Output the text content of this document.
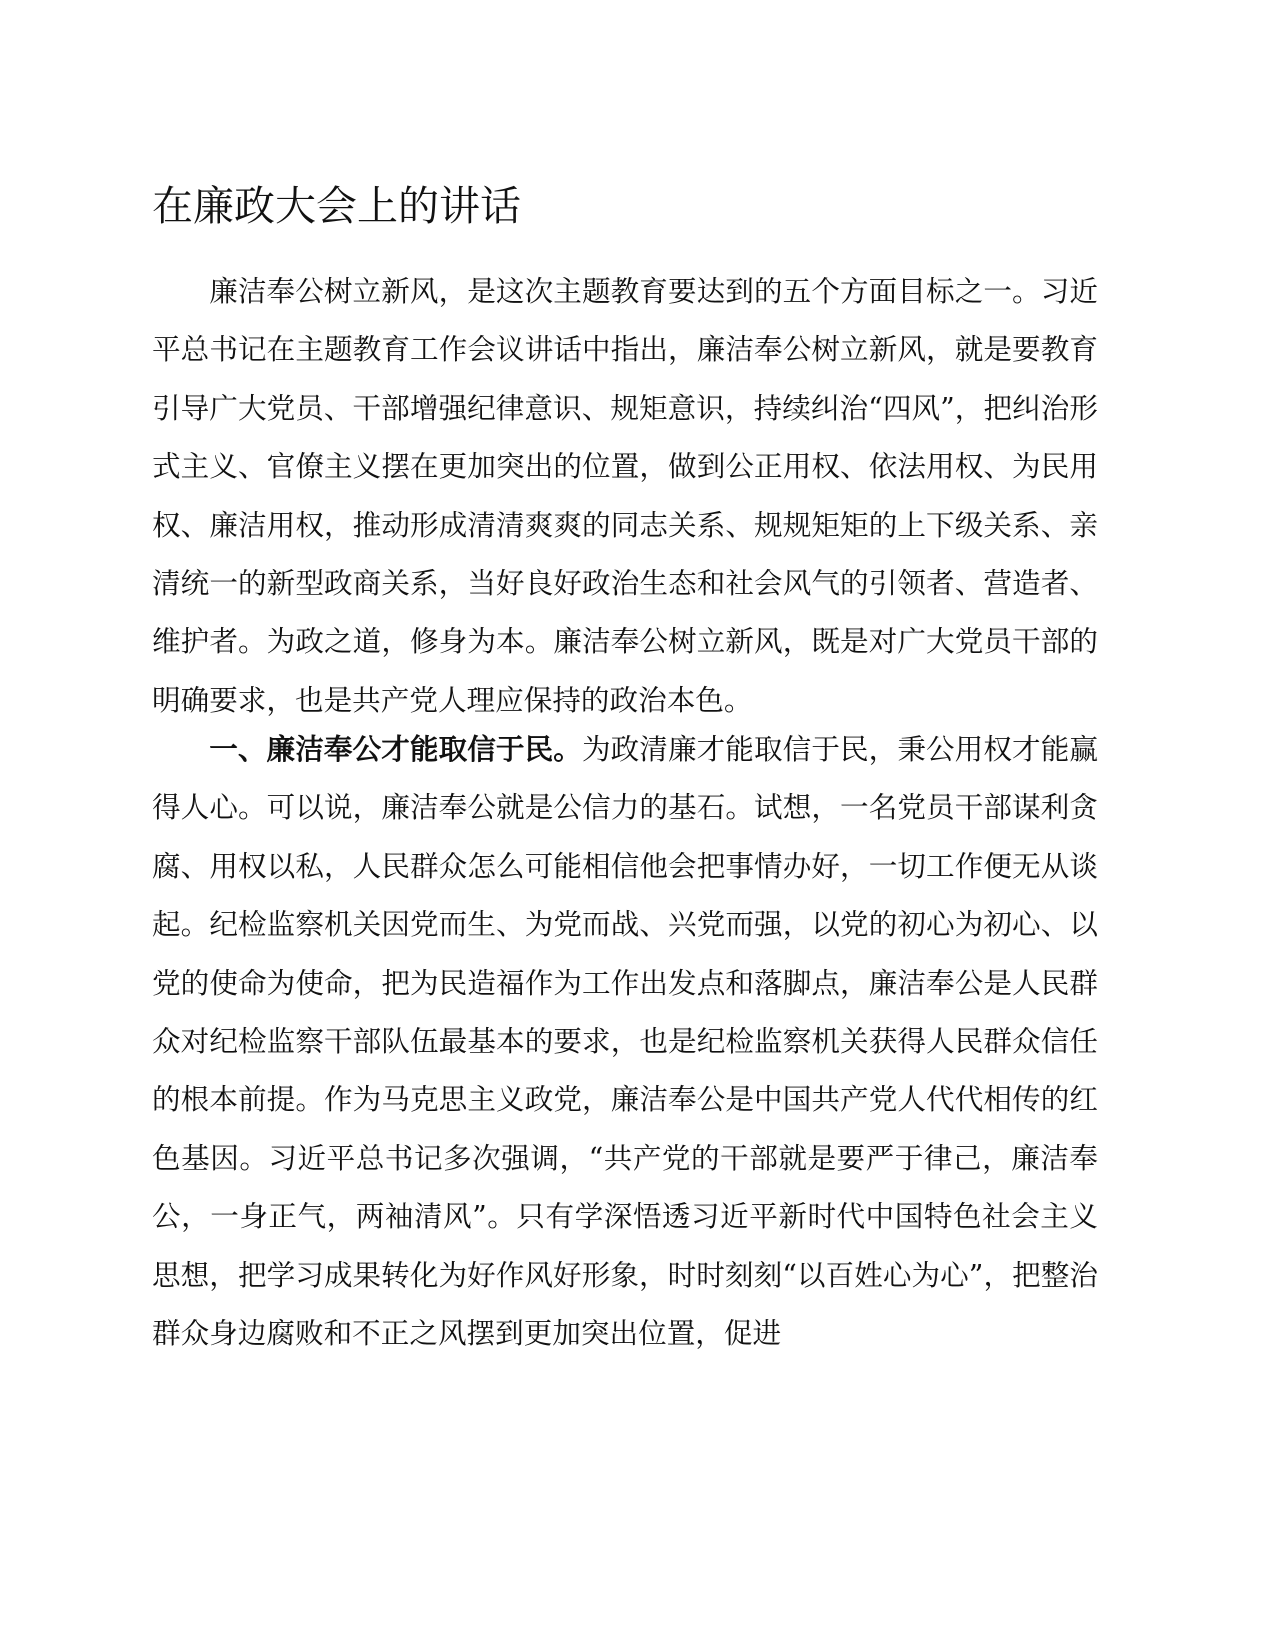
在廉政大会上的讲话

廉洁奉公树立新风，是这次主题教育要达到的五个方面目标之一。习近平总书记在主题教育工作会议讲话中指出，廉洁奉公树立新风，就是要教育引导广大党员、干部增强纪律意识、规矩意识，持续纠治“四风”，把纠治形式主义、官僚主义摆在更加突出的位置，做到公正用权、依法用权、为民用权、廉洁用权，推动形成清清爽爽的同志关系、规规矩矩的上下级关系、亲清统一的新型政商关系，当好良好政治生态和社会风气的引领者、营造者、维护者。为政之道，修身为本。廉洁奉公树立新风，既是对广大党员干部的明确要求，也是共产党人理应保持的政治本色。

一、廉洁奉公才能取信于民。为政清廉才能取信于民，秉公用权才能赢得人心。可以说，廉洁奉公就是公信力的基石。试想，一名党员干部谋利贪腐、用权以私，人民群众怎么可能相信他会把事情办好，一切工作便无从谈起。纪检监察机关因党而生、为党而战、兴党而强，以党的初心为初心、以党的使命为使命，把为民造福作为工作出发点和落脚点，廉洁奉公是人民群众对纪检监察干部队伍最基本的要求，也是纪检监察机关获得人民群众信任的根本前提。作为马克思主义政党，廉洁奉公是中国共产党人代代相传的红色基因。习近平总书记多次强调，“共产党的干部就是要严于律己，廉洁奉公，一身正气，两袖清风”。只有学深悟透习近平新时代中国特色社会主义思想，把学习成果转化为好作风好形象，时时刻刻“以百姓心为心”，把整治群众身边腐败和不正之风摆到更加突出位置，促进
